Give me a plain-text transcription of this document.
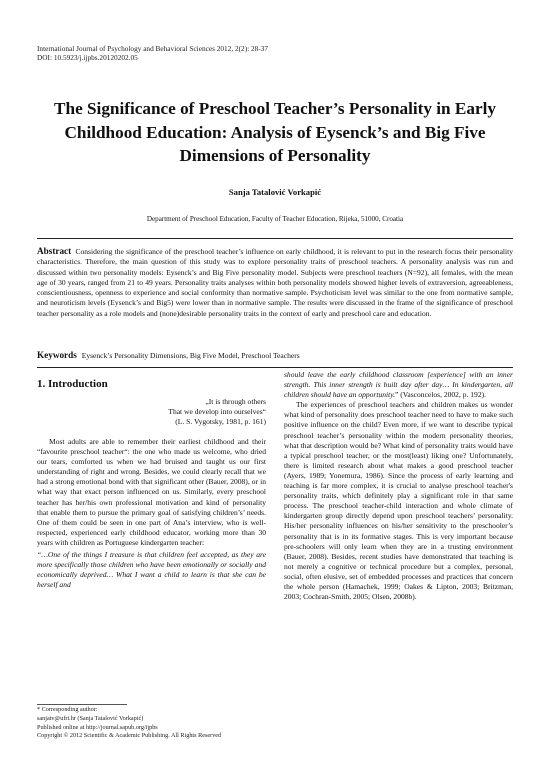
International Journal of Psychology and Behavioral Sciences 2012, 2(2): 28-37
DOI: 10.5923/j.ijpbs.20120202.05
The Significance of Preschool Teacher’s Personality in Early Childhood Education: Analysis of Eysenck’s and Big Five Dimensions of Personality
Sanja Tatalović Vorkapić
Department of Preschool Education, Faculty of Teacher Education, Rijeka, 51000, Croatia
Abstract Considering the significance of the preschool teacher’s influence on early childhood, it is relevant to put in the research focus their personality characteristics. Therefore, the main question of this study was to explore personality traits of preschool teachers. A personality analysis was run and discussed within two personality models: Eysenck’s and Big Five personality model. Subjects were preschool teachers (N=92), all females, with the mean age of 30 years, ranged from 21 to 49 years. Personality traits analyses within both personality models showed higher levels of extraversion, agreeableness, conscientiousness, openness to experience and social conformity than normative sample. Psychoticism level was similar to the one from normative sample, and neuroticism levels (Eysenck’s and Big5) were lower than in normative sample. The results were discussed in the frame of the significance of preschool teacher personality as a role models and (none)desirable personality traits in the context of early and preschool care and education.
Keywords Eysenck’s Personality Dimensions, Big Five Model, Preschool Teachers
1. Introduction
„It is through others
That we develop into ourselves“
(L. S. Vygotsky, 1981, p. 161)

Most adults are able to remember their earliest childhood and their “favourite preschool teacher“: the one who made us welcome, who dried our tears, comforted us when we had bruised and taught us our first understanding of right and wrong. Besides, we could clearly recall that we had a strong emotional bond with that significant other (Bauer, 2008), or in what way that exact person influenced on us. Similarly, every preschool teacher has her/his own professional motivation and kind of personality that enable them to pursue the primary goal of satisfying children’s’ needs. One of them could be seen in one part of Ana’s interview, who is well-respected, experienced early childhood educator, working more than 30 years with children as Portuguese kindergarten teacher:

“…One of the things I treasure is that children feel accepted, as they are more specifically those children who have been emotionally or socially and economically deprived… What I want a child to learn is that she can be herself and

* Corresponding author:
sanjatv@ufri.hr (Sanja Tatalović Vorkapić)
Published online at http://journal.sapub.org/ijpbs
Copyright © 2012 Scientific & Academic Publishing. All Rights Reserved

should leave the early childhood classroom [experience] with an inner strength. This inner strength is built day after day… In kindergarten, all children should have an opportunity.” (Vasconcelos, 2002, p. 192).

The experiences of preschool teachers and children makes us wonder what kind of personality does preschool teacher need to have to make such positive influence on the child? Even more, if we want to describe typical preschool teacher’s personality within the modern personality theories, what that description would be? What kind of personality traits would have a typical preschool teacher, or the most(least) liking one? Unfortunately, there is limited research about what makes a good preschool teacher (Ayers, 1989; Yonemura, 1986). Since the process of early learning and teaching is far more complex, it is crucial to analyse preschool teacher's personality traits, which definitely play a significant role in that same process. The preschool teacher-child interaction and whole climate of kindergarten group directly depend upon preschool teachers’ personality. His/her personality influences on his/her sensitivity to the preschooler’s personality that is in its formative stages. This is very important because pre-schoolers will only learn when they are in a trusting environment (Bauer, 2008). Besides, recent studies have demonstrated that teaching is not merely a cognitive or technical procedure but a complex, personal, social, often elusive, set of embedded processes and practices that concern the whole person (Hamachek, 1999; Oakes & Lipton, 2003; Britzman, 2003; Cochran-Smith, 2005; Olsen, 2008b).
